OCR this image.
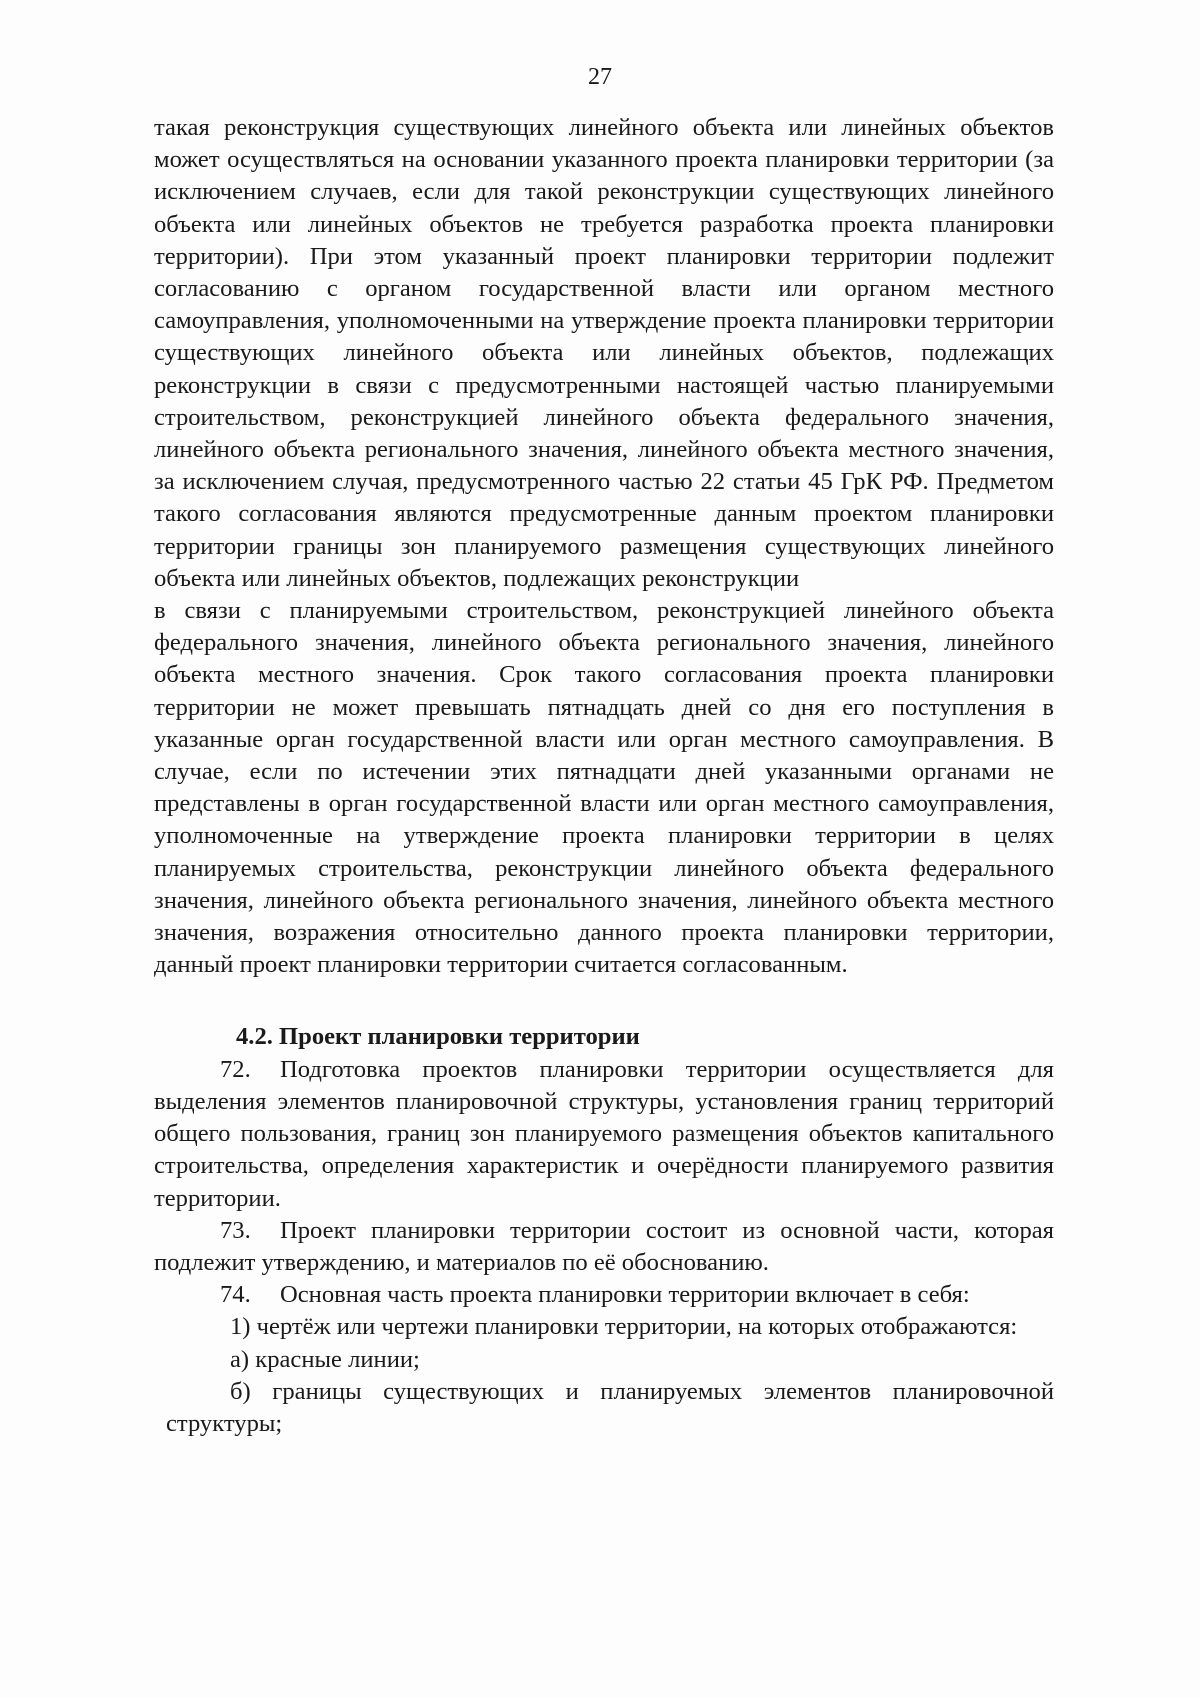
27

такая реконструкция существующих линейного объекта или линейных объектов может осуществляться на основании указанного проекта планировки территории (за исключением случаев, если для такой реконструкции существующих линейного объекта или линейных объектов не требуется разработка проекта планировки территории). При этом указанный проект планировки территории подлежит согласованию с органом государственной власти или органом местного самоуправления, уполномоченными на утверждение проекта планировки территории существующих линейного объекта или линейных объектов, подлежащих реконструкции в связи с предусмотренными настоящей частью планируемыми строительством, реконструкцией линейного объекта федерального значения, линейного объекта регионального значения, линейного объекта местного значения, за исключением случая, предусмотренного частью 22 статьи 45 ГрК РФ. Предметом такого согласования являются предусмотренные данным проектом планировки территории границы зон планируемого размещения существующих линейного объекта или линейных объектов, подлежащих реконструкции

в связи с планируемыми строительством, реконструкцией линейного объекта федерального значения, линейного объекта регионального значения, линейного объекта местного значения. Срок такого согласования проекта планировки территории не может превышать пятнадцать дней со дня его поступления в указанные орган государственной власти или орган местного самоуправления. В случае, если по истечении этих пятнадцати дней указанными органами не представлены в орган государственной власти или орган местного самоуправления, уполномоченные на утверждение проекта планировки территории в целях планируемых строительства, реконструкции линейного объекта федерального значения, линейного объекта регионального значения, линейного объекта местного значения, возражения относительно данного проекта планировки территории, данный проект планировки территории считается согласованным.

4.2. Проект планировки территории

72. Подготовка проектов планировки территории осуществляется для выделения элементов планировочной структуры, установления границ территорий общего пользования, границ зон планируемого размещения объектов капитального строительства, определения характеристик и очерёдности планируемого развития территории.

73. Проект планировки территории состоит из основной части, которая подлежит утверждению, и материалов по её обоснованию.

74. Основная часть проекта планировки территории включает в себя:

1) чертёж или чертежи планировки территории, на которых отображаются:

а) красные линии;

б) границы существующих и планируемых элементов планировочной структуры;
